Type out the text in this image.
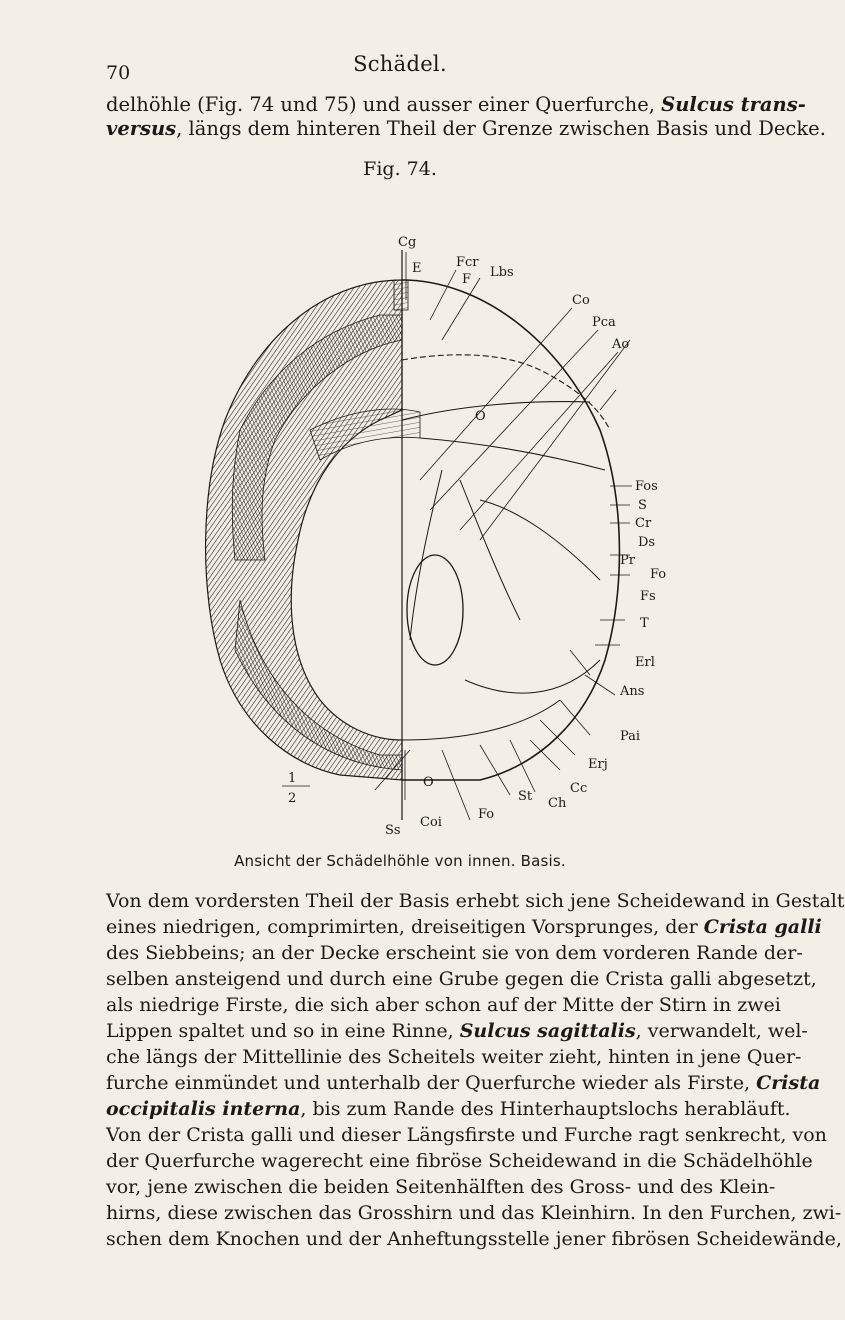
70	Schädel.
delhöhle (Fig. 74 und 75) und ausser einer Querfurche, Sulcus trans-
versus, längs dem hinteren Theil der Grenze zwischen Basis und Decke.
Fig. 74.
Cg
E	Fcr
F Lbs
Co
Pca
Ao
Fos
S
Cr
Ds
Pr
Fo
Fs
T
Erl
Ans
Pai
Erj
Cc
Ch
St
Fo
O
O
Coi
Ss
1
2
Ansicht der Schädelhöhle von innen. Basis.
Von dem vordersten Theil der Basis erhebt sich jene Scheidewand in Gestalt
eines niedrigen, comprimirten, dreiseitigen Vorsprunges, der Crista galli
des Siebbeins; an der Decke erscheint sie von dem vorderen Rande der-
selben ansteigend und durch eine Grube gegen die Crista galli abgesetzt,
als niedrige Firste, die sich aber schon auf der Mitte der Stirn in zwei
Lippen spaltet und so in eine Rinne, Sulcus sagittalis, verwandelt, wel-
che längs der Mittellinie des Scheitels weiter zieht, hinten in jene Quer-
furche einmündet und unterhalb der Querfurche wieder als Firste, Crista
occipitalis interna, bis zum Rande des Hinterhauptslochs herabläuft.
Von der Crista galli und dieser Längsfirste und Furche ragt senkrecht, von
der Querfurche wagerecht eine fibröse Scheidewand in die Schädelhöhle
vor, jene zwischen die beiden Seitenhälften des Gross- und des Klein-
hirns, diese zwischen das Grosshirn und das Kleinhirn. In den Furchen, zwi-
schen dem Knochen und der Anheftungsstelle jener fibrösen Scheidewände,
